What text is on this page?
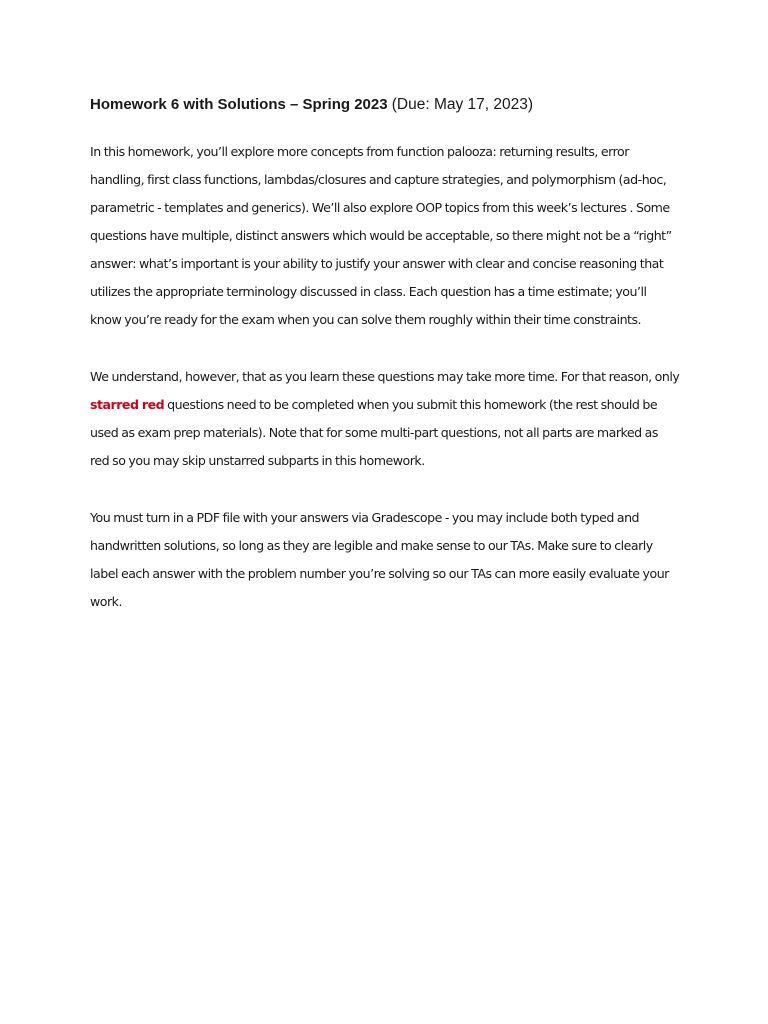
Homework 6 with Solutions – Spring 2023 (Due: May 17, 2023)

In this homework, you’ll explore more concepts from function palooza: returning results, error handling, first class functions, lambdas/closures and capture strategies, and polymorphism (ad-hoc, parametric - templates and generics). We’ll also explore OOP topics from this week’s lectures . Some questions have multiple, distinct answers which would be acceptable, so there might not be a “right” answer: what’s important is your ability to justify your answer with clear and concise reasoning that utilizes the appropriate terminology discussed in class. Each question has a time estimate; you’ll know you’re ready for the exam when you can solve them roughly within their time constraints.

We understand, however, that as you learn these questions may take more time. For that reason, only starred red questions need to be completed when you submit this homework (the rest should be used as exam prep materials). Note that for some multi-part questions, not all parts are marked as red so you may skip unstarred subparts in this homework.

You must turn in a PDF file with your answers via Gradescope - you may include both typed and handwritten solutions, so long as they are legible and make sense to our TAs. Make sure to clearly label each answer with the problem number you’re solving so our TAs can more easily evaluate your work.
